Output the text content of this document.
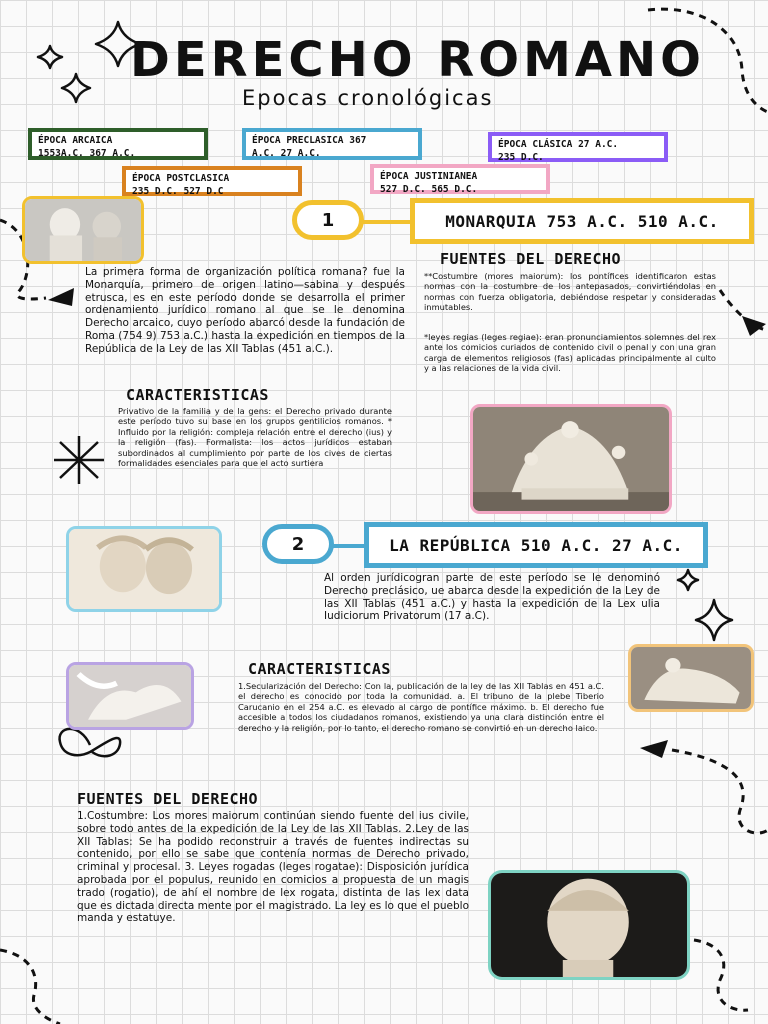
DERECHO ROMANO
Epocas cronológicas
ÉPOCA ARCAICA
1553A.C. 367 A.C.
ÉPOCA PRECLASICA 367
A.C. 27 A.C.
ÉPOCA CLÁSICA 27 A.C.
235 D.C.
ÉPOCA POSTCLASICA
235 D.C. 527 D.C
ÉPOCA JUSTINIANEA
527 D.C. 565 D.C.
1	MONARQUIA 753 A.C. 510 A.C.
FUENTES DEL DERECHO
**Costumbre (mores maiorum): los pontífices identificaron estas normas con la costumbre de los antepasados, convirtiéndolas en normas con fuerza obligatoria, debiéndose respetar y consideradas inmutables.
*leyes regias (leges regiae): eran pronunciamientos solemnes del rex ante los comicios curiados de contenido civil o penal y con una gran carga de elementos religiosos (fas) aplicadas principalmente al culto y a las relaciones de la vida civil.
La primera forma de organización política romana? fue la Monarquía, primero de origen latino—sabina y después etrusca, es en este período donde se desarrolla el primer ordenamiento jurídico romano al que se le denomina Derecho arcaico, cuyo período abarcó desde la fundación de Roma (754 9) 753 a.C.) hasta la expedición en tiempos de la República de la Ley de las XII Tablas (451 a.C.).
CARACTERISTICAS
Privativo de la familia y de la gens: el Derecho privado durante este período tuvo su base en los grupos gentilicios romanos. * Influido por la religión: compleja relación entre el derecho (ius) y la religión (fas). Formalista: los actos jurídicos estaban subordinados al cumplimiento por parte de los cives de ciertas formalidades esenciales para que el acto surtiera
2	LA REPÚBLICA 510 A.C. 27 A.C.
Al orden jurídicogran parte de este período se le denominó Derecho preclásico, ue abarca desde la expedición de la Ley de las XII Tablas (451 a.C.) y hasta la expedición de la Lex ulia Iudiciorum Privatorum (17 a.C).
CARACTERISTICAS
1.Secularización del Derecho: Con la, publicación de la ley de las XII Tablas en 451 a.C. el derecho es conocido por toda la comunidad. a. El tribuno de la plebe Tiberio Carucanio en el 254 a.C. es elevado al cargo de pontífice máximo. b. El derecho fue accesible a todos los ciudadanos romanos, existiendo ya una clara distinción entre el derecho y la religión, por lo tanto, el derecho romano se convirtió en un derecho laico.
FUENTES DEL DERECHO
1.Costumbre: Los mores maiorum continúan siendo fuente del ius civile, sobre todo antes de la expedición de la Ley de las XII Tablas. 2.Ley de las XII Tablas: Se ha podido reconstruir a través de fuentes indirectas su contenido, por ello se sabe que contenía normas de Derecho privado, criminal y procesal. 3. Leyes rogadas (leges rogatae): Disposición jurídica aprobada por el populus, reunido en comicios a propuesta de un magis trado (rogatio), de ahí el nombre de lex rogata, distinta de las lex data que es dictada directa mente por el magistrado. La ley es lo que el pueblo manda y estatuye.
